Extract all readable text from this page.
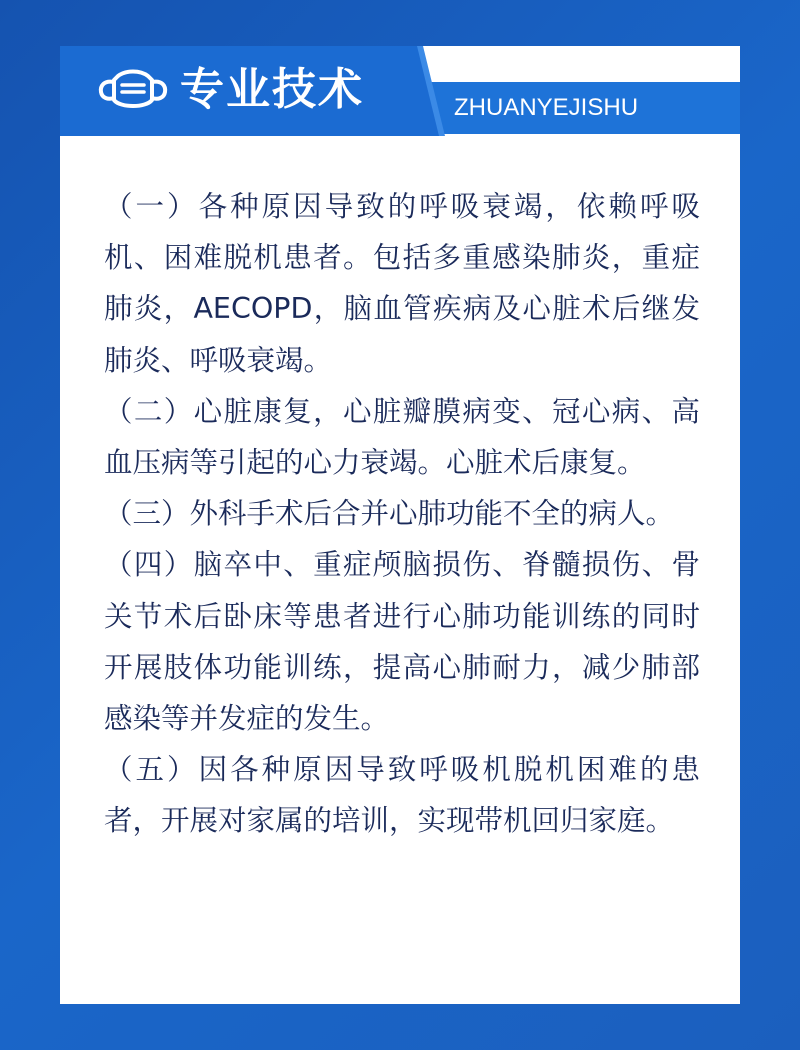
专业技术	ZHUANYEJISHU

（一）各种原因导致的呼吸衰竭，依赖呼吸机、困难脱机患者。包括多重感染肺炎，重症肺炎，AECOPD，脑血管疾病及心脏术后继发肺炎、呼吸衰竭。

（二）心脏康复，心脏瓣膜病变、冠心病、高血压病等引起的心力衰竭。心脏术后康复。

（三）外科手术后合并心肺功能不全的病人。

（四）脑卒中、重症颅脑损伤、脊髓损伤、骨关节术后卧床等患者进行心肺功能训练的同时开展肢体功能训练，提高心肺耐力，减少肺部感染等并发症的发生。

（五）因各种原因导致呼吸机脱机困难的患者，开展对家属的培训，实现带机回归家庭。
